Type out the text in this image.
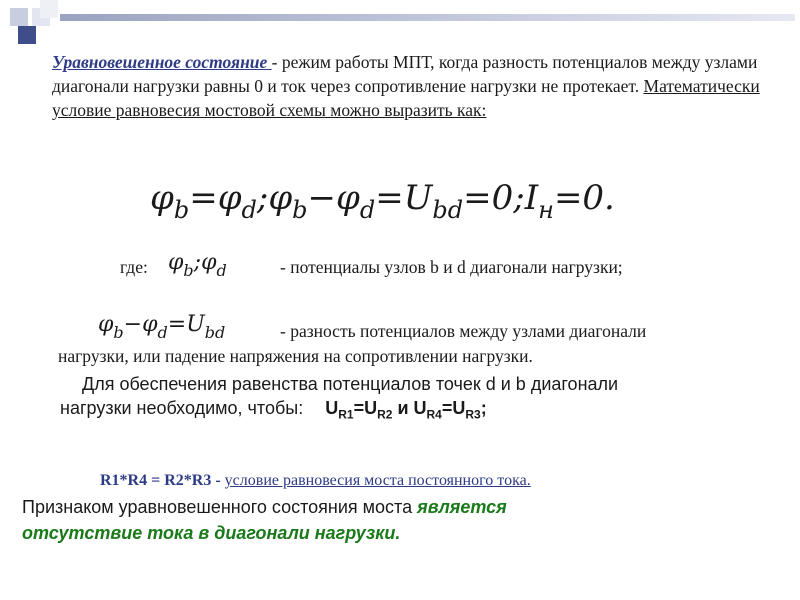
Уравновешенное состояние - режим работы МПТ, когда разность потенциалов между узлами диагонали нагрузки равны 0 и ток через сопротивление нагрузки не протекает. Математически условие равновесия мостовой схемы можно выразить как:
$\varphi_b=\varphi_d;\varphi_b-\varphi_d=U_{bd}=0;I_н=0$.
где: $\varphi_b;\varphi_d$	- потенциалы узлов b и d диагонали нагрузки;
$\varphi_b-\varphi_d=U_{bd}$	- разность потенциалов между узлами диагонали
нагрузки, или падение напряжения на сопротивлении нагрузки.
Для обеспечения равенства потенциалов точек d и b диагонали
нагрузки необходимо, чтобы: $U_{R1}=U_{R2}$ и $U_{R4}=U_{R3}$;
R1*R4 = R2*R3 - условие равновесия моста постоянного тока.
Признаком уравновешенного состояния моста является
отсутствие тока в диагонали нагрузки.
